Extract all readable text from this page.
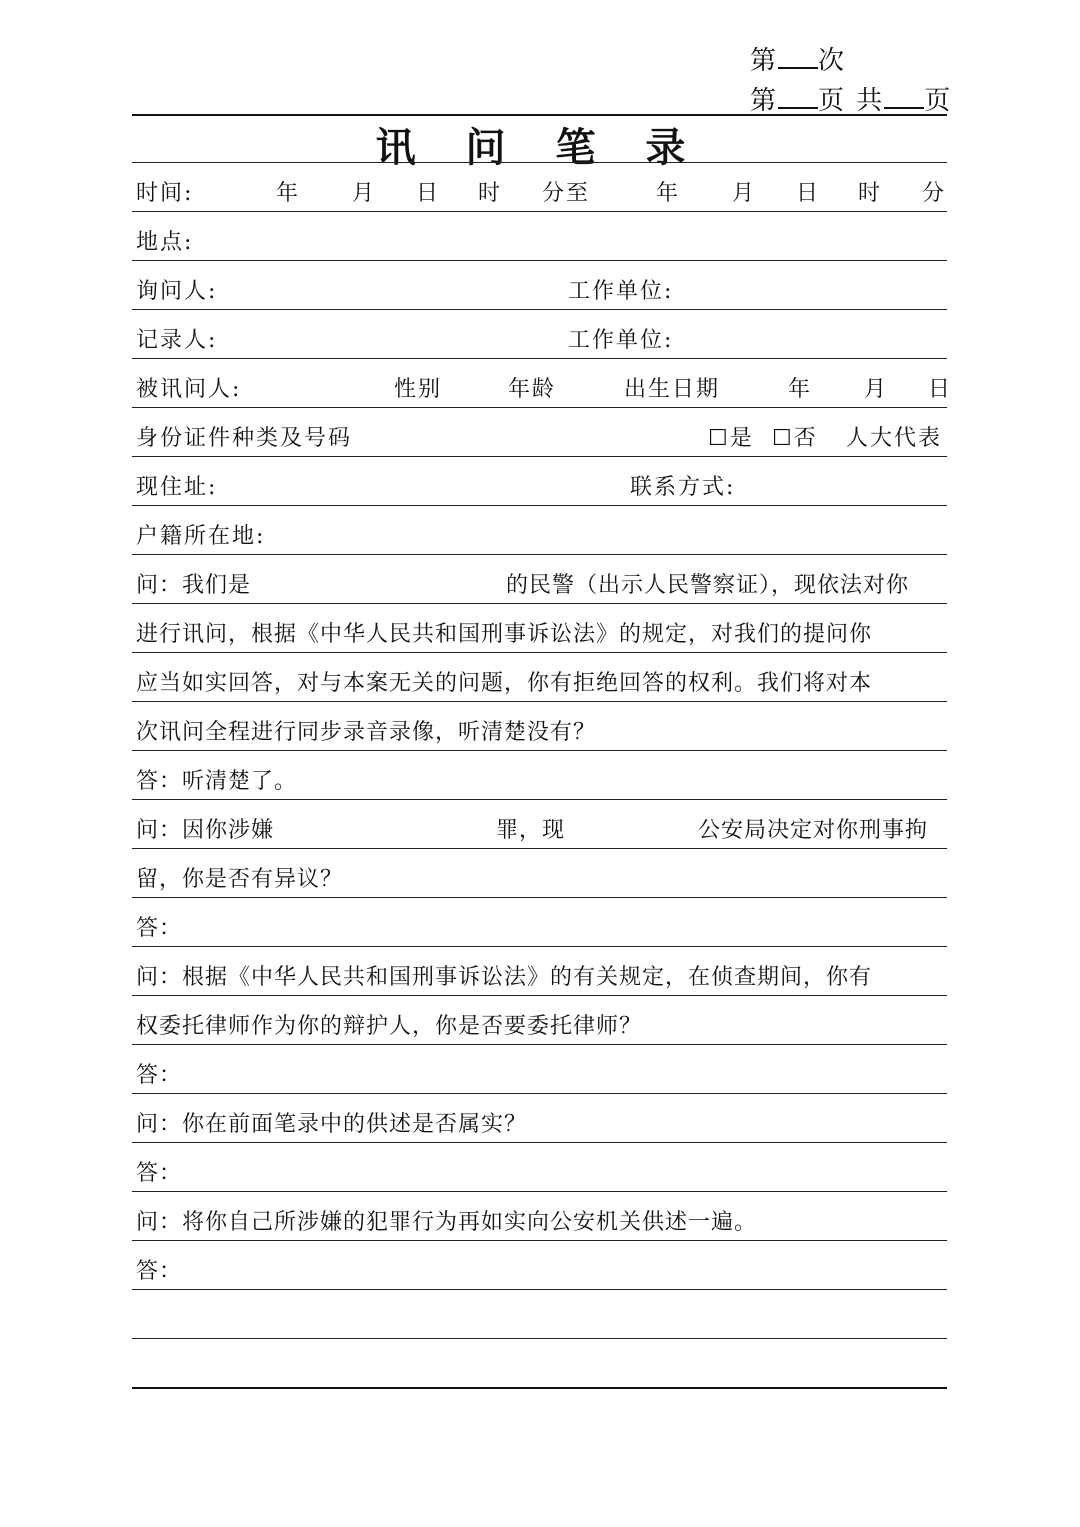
第 次
第 页 共 页
讯 问 笔 录
时间:	年 月 日 时 分至	年 月 日 时 分
地点:
询问人:	工作单位:
记录人:	工作单位:
被讯问人:	性别	年龄	出生日期	年 月 日
身份证件种类及号码	☐是 ☐否 人大代表
现住址:	联系方式:
户籍所在地:
问：我们是	的民警（出示人民警察证），现依法对你
进行讯问，根据《中华人民共和国刑事诉讼法》的规定，对我们的提问你
应当如实回答，对与本案无关的问题，你有拒绝回答的权利。我们将对本
次讯问全程进行同步录音录像，听清楚没有？
答：听清楚了。
问：因你涉嫌	罪，现	公安局决定对你刑事拘
留，你是否有异议？
答：
问：根据《中华人民共和国刑事诉讼法》的有关规定，在侦查期间，你有
权委托律师作为你的辩护人，你是否要委托律师？
答：
问：你在前面笔录中的供述是否属实？
答：
问：将你自己所涉嫌的犯罪行为再如实向公安机关供述一遍。
答：
